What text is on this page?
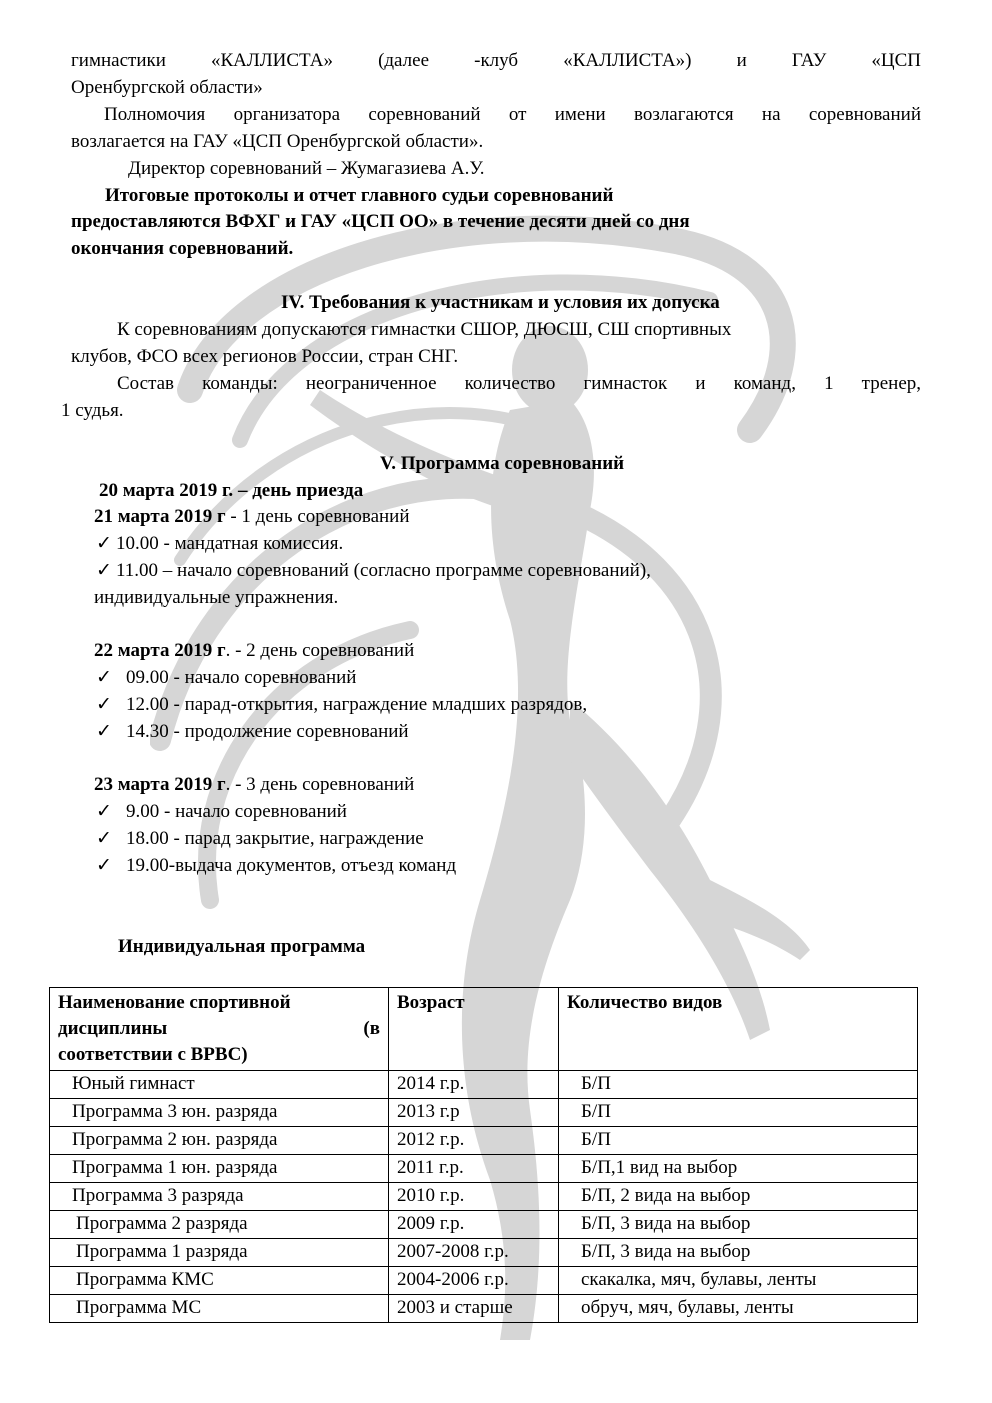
гимнастики «КАЛЛИСТА» (далее -клуб «КАЛЛИСТА») и ГАУ «ЦСП
Оренбургской области»
Полномочия организатора соревнований от имени возлагаются на соревнований
возлагается на ГАУ «ЦСП Оренбургской области».
Директор соревнований – Жумагазиева А.У.
Итоговые протоколы и отчет главного судьи соревнований
предоставляются ВФХГ и ГАУ «ЦСП ОО» в течение десяти дней со дня
окончания соревнований.
IV. Требования к участникам и условия их допуска
К соревнованиям допускаются гимнастки СШОР, ДЮСШ, СШ спортивных
клубов, ФСО всех регионов России, стран СНГ.
Состав команды: неограниченное количество гимнасток и команд, 1 тренер,
1 судья.
V. Программа соревнований
20 марта 2019 г. – день приезда
21 марта 2019 г - 1 день соревнований
✓ 10.00 - мандатная комиссия.
✓ 11.00 – начало соревнований (согласно программе соревнований),
индивидуальные упражнения.
22 марта 2019 г. - 2 день соревнований
✓ 09.00 - начало соревнований
✓ 12.00 - парад-открытия, награждение младших разрядов,
✓ 14.30 - продолжение соревнований
23 марта 2019 г. - 3 день соревнований
✓ 9.00 - начало соревнований
✓ 18.00 - парад закрытие, награждение
✓ 19.00-выдача документов, отъезд команд
Индивидуальная программа
Наименование спортивной
дисциплины (в
соответствии с ВРВС)	Возраст	Количество видов
Юный гимнаст	2014 г.р.	Б/П
Программа 3 юн. разряда	2013 г.р	Б/П
Программа 2 юн. разряда	2012 г.р.	Б/П
Программа 1 юн. разряда	2011 г.р.	Б/П,1 вид на выбор
Программа 3 разряда	2010 г.р.	Б/П, 2 вида на выбор
Программа 2 разряда	2009 г.р.	Б/П, 3 вида на выбор
Программа 1 разряда	2007-2008 г.р.	Б/П, 3 вида на выбор
Программа КМС	2004-2006 г.р.	скакалка, мяч, булавы, ленты
Программа МС	2003 и старше	обруч, мяч, булавы, ленты
